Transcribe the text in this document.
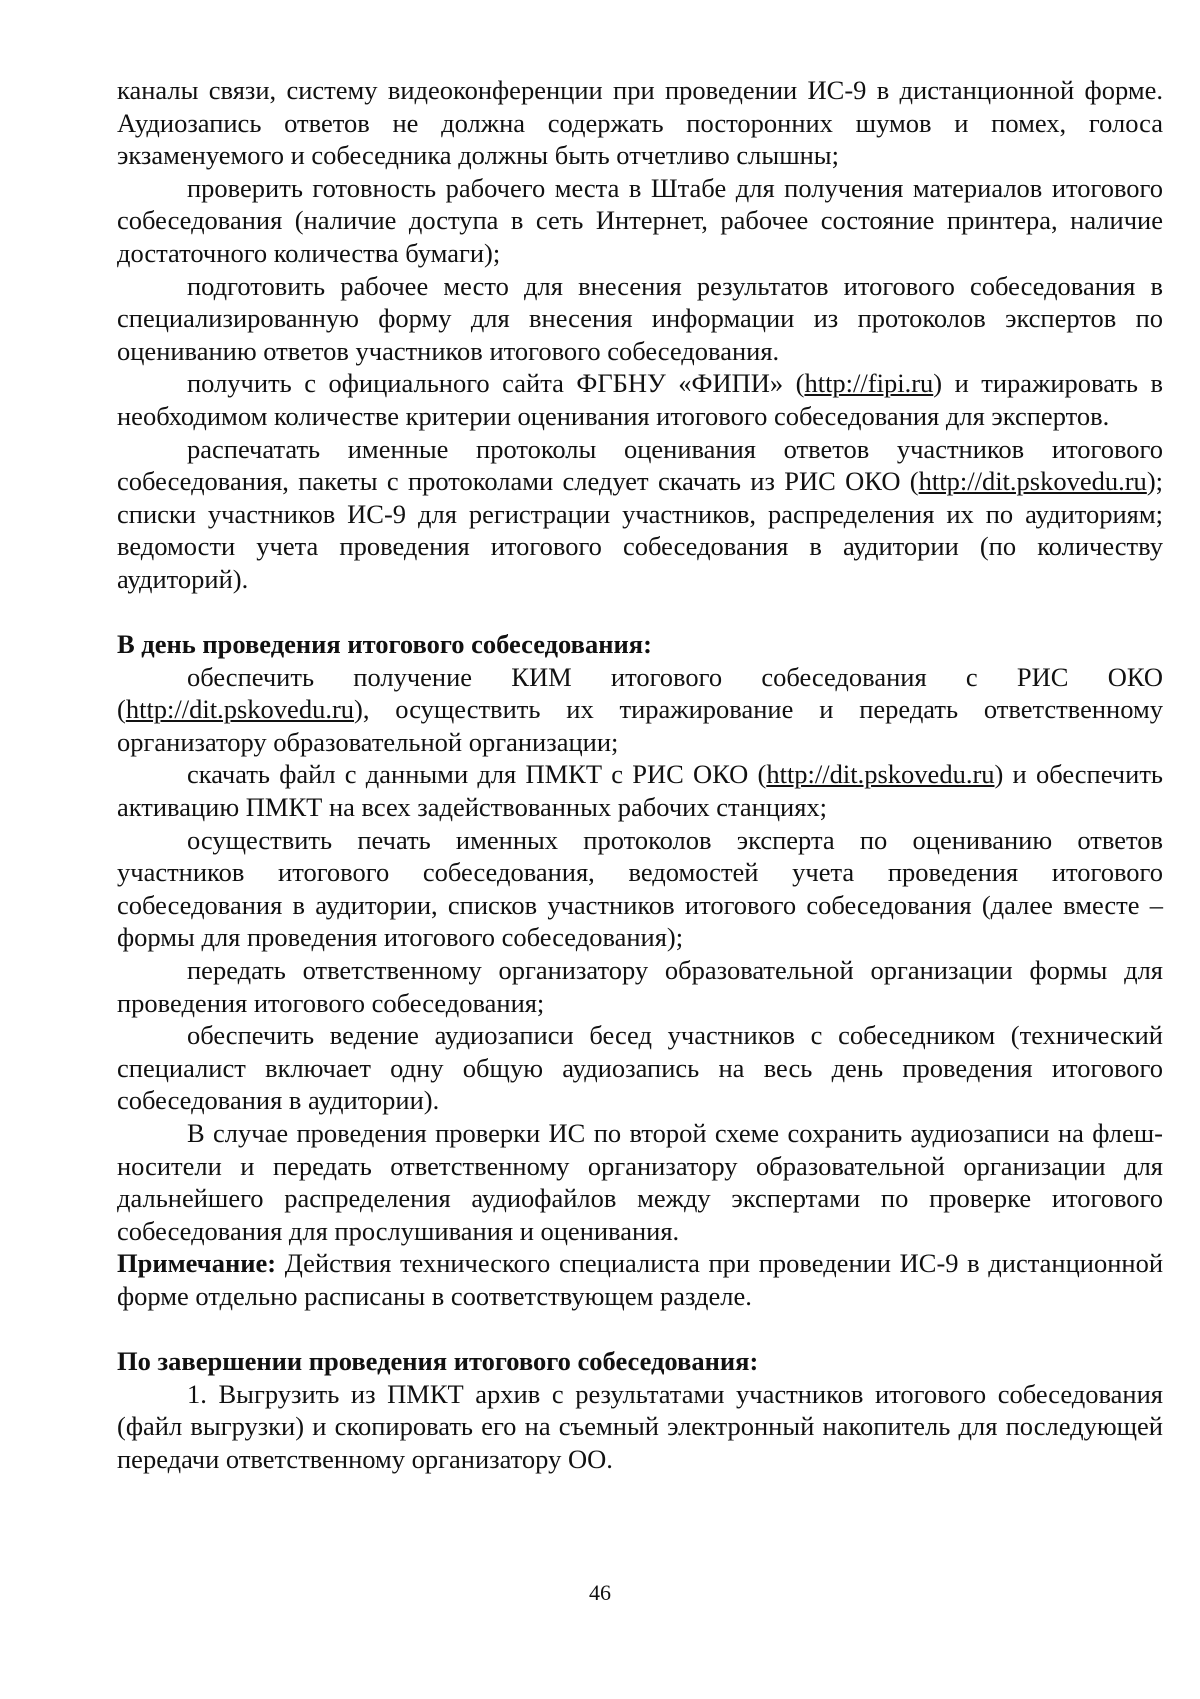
каналы связи, систему видеоконференции при проведении ИС-9 в дистанционной форме. Аудиозапись ответов не должна содержать посторонних шумов и помех, голоса экзаменуемого и собеседника должны быть отчетливо слышны;

проверить готовность рабочего места в Штабе для получения материалов итогового собеседования (наличие доступа в сеть Интернет, рабочее состояние принтера, наличие достаточного количества бумаги);

подготовить рабочее место для внесения результатов итогового собеседования в специализированную форму для внесения информации из протоколов экспертов по оцениванию ответов участников итогового собеседования.

получить с официального сайта ФГБНУ «ФИПИ» (http://fipi.ru) и тиражировать в необходимом количестве критерии оценивания итогового собеседования для экспертов.

распечатать именные протоколы оценивания ответов участников итогового собеседования, пакеты с протоколами следует скачать из РИС ОКО (http://dit.pskovedu.ru); списки участников ИС-9 для регистрации участников, распределения их по аудиториям; ведомости учета проведения итогового собеседования в аудитории (по количеству аудиторий).

В день проведения итогового собеседования:

обеспечить получение КИМ итогового собеседования с РИС ОКО (http://dit.pskovedu.ru), осуществить их тиражирование и передать ответственному организатору образовательной организации;

скачать файл с данными для ПМКТ с РИС ОКО (http://dit.pskovedu.ru) и обеспечить активацию ПМКТ на всех задействованных рабочих станциях;

осуществить печать именных протоколов эксперта по оцениванию ответов участников итогового собеседования, ведомостей учета проведения итогового собеседования в аудитории, списков участников итогового собеседования (далее вместе – формы для проведения итогового собеседования);

передать ответственному организатору образовательной организации формы для проведения итогового собеседования;

обеспечить ведение аудиозаписи бесед участников с собеседником (технический специалист включает одну общую аудиозапись на весь день проведения итогового собеседования в аудитории).

В случае проведения проверки ИС по второй схеме сохранить аудиозаписи на флеш-носители и передать ответственному организатору образовательной организации для дальнейшего распределения аудиофайлов между экспертами по проверке итогового собеседования для прослушивания и оценивания.

Примечание: Действия технического специалиста при проведении ИС-9 в дистанционной форме отдельно расписаны в соответствующем разделе.

По завершении проведения итогового собеседования:

1. Выгрузить из ПМКТ архив с результатами участников итогового собеседования (файл выгрузки) и скопировать его на съемный электронный накопитель для последующей передачи ответственному организатору ОО.

46
